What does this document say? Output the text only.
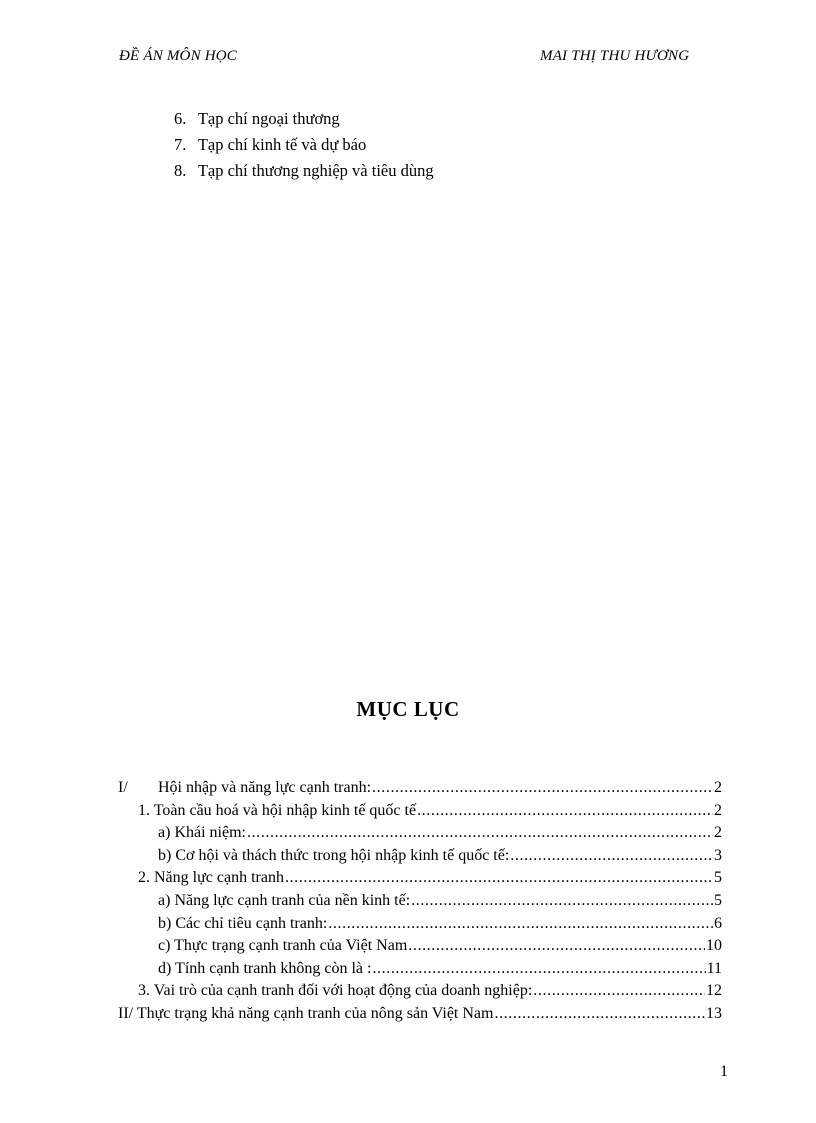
ĐỀ ÁN MÔN HỌC	MAI THỊ THU HƯƠNG
6. Tạp chí ngoại thương
7. Tạp chí kinh tế và dự báo
8. Tạp chí thương nghiệp và tiêu dùng
MỤC LỤC
I/ Hội nhập và năng lực cạnh tranh: .....	2
1. Toàn cầu hoá và hội nhập kinh tế quốc tế .....	2
a) Khái niệm: .....	2
b) Cơ hội và thách thức trong hội nhập kinh tế quốc tế: .....	3
2. Năng lực cạnh tranh .....	5
a) Năng lực cạnh tranh của nền kinh tế: .....	5
b) Các chỉ tiêu cạnh tranh: .....	6
c) Thực trạng cạnh tranh của Việt Nam .....	10
d) Tính cạnh tranh không còn là : .....	11
3. Vai trò của cạnh tranh đối với hoạt động của doanh nghiệp: .....	12
II/ Thực trạng khả năng cạnh tranh của nông sản Việt Nam .....	13
1
